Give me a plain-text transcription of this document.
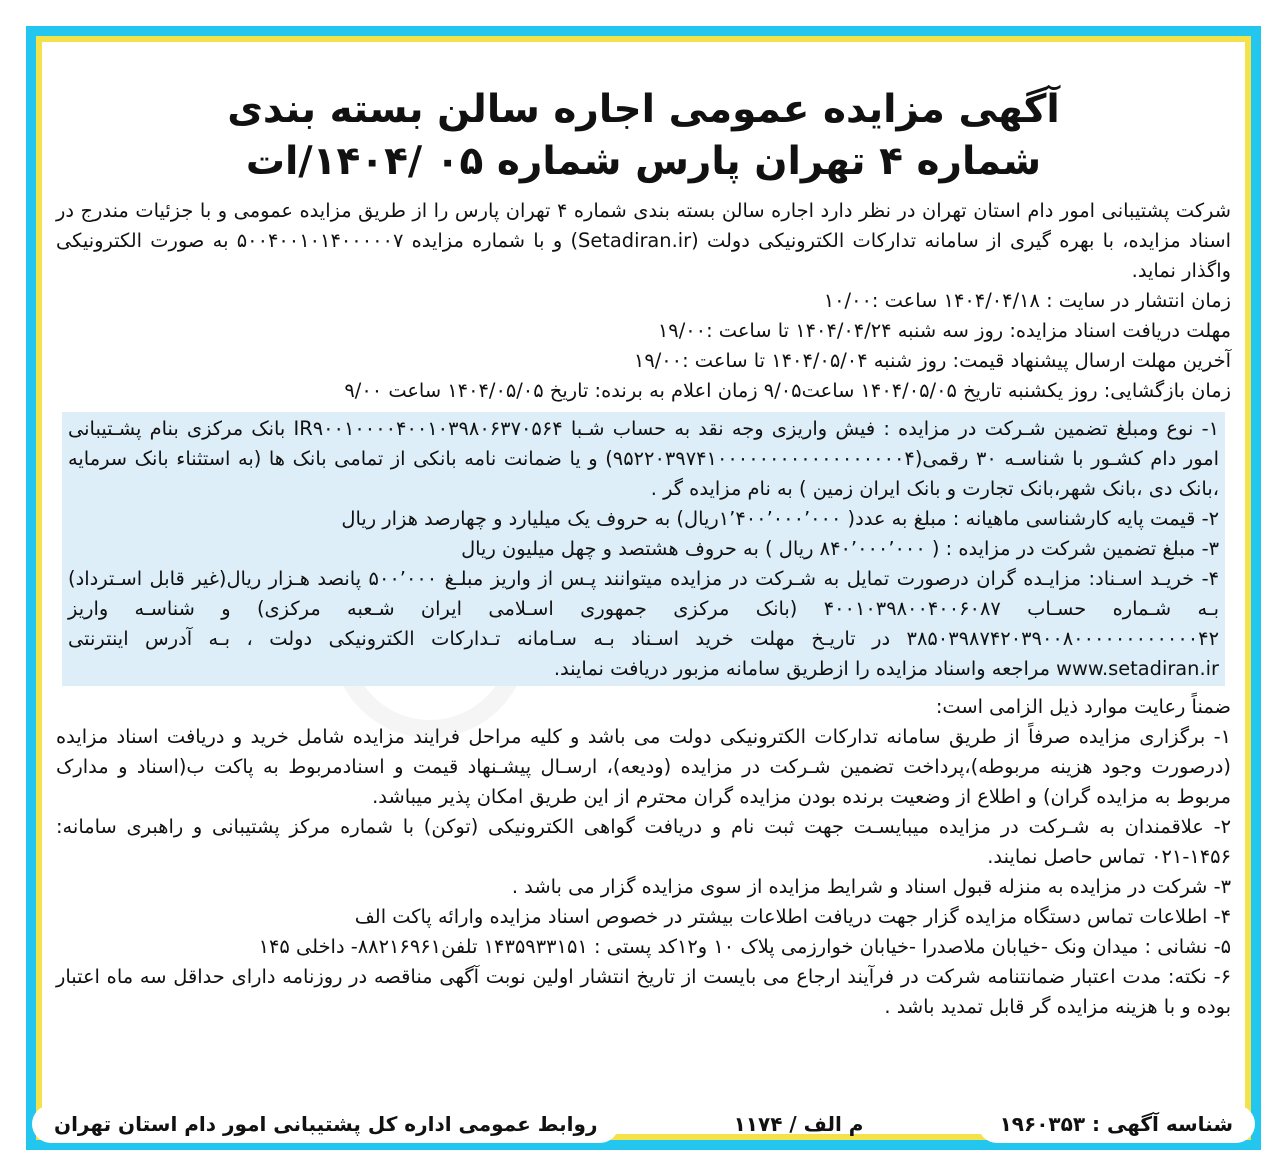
آگهی مزایده عمومی اجاره سالن بسته بندی
شماره ۴ تهران پارس شماره ۰۵ /۱۴۰۴/ات

شرکت پشتیبانی امور دام استان تهران در نظر دارد اجاره سالن بسته بندی شماره ۴ تهران پارس را از طریق مزایده عمومی و با جزئیات مندرج در اسناد مزایده، با بهره گیری از سامانه تدارکات الکترونیکی دولت (Setadiran.ir) و با شماره مزایده ۵۰۰۴۰۰۱۰۱۴۰۰۰۰۰۷ به صورت الکترونیکی واگذار نماید.

زمان انتشار در سایت : ۱۴۰۴/۰۴/۱۸ ساعت :۱۰/۰۰

مهلت دریافت اسناد مزایده: روز سه شنبه ۱۴۰۴/۰۴/۲۴ تا ساعت :۱۹/۰۰

آخرین مهلت ارسال پیشنهاد قیمت: روز شنبه ۱۴۰۴/۰۵/۰۴ تا ساعت :۱۹/۰۰

زمان بازگشایی: روز یکشنبه تاریخ ۱۴۰۴/۰۵/۰۵ ساعت۹/۰۵ زمان اعلام به برنده: تاریخ ۱۴۰۴/۰۵/۰۵ ساعت ۹/۰۰

۱- نوع ومبلغ تضمین شـرکت در مزایده : فیش واریزی وجه نقد به حساب شـبا IR۹۰۰۱۰۰۰۰۴۰۰۱۰۳۹۸۰۶۳۷۰۵۶۴ بانک مرکزی بنام پشـتیبانی امور دام کشـور با شناسـه ۳۰ رقمی(۹۵۲۲۰۳۹۷۴۱۰۰۰۰۰۰۰۰۰۰۰۰۰۰۰۰۰۰۴) و یا ضمانت نامه بانکی از تمامی بانک ها (به استثناء بانک سرمایه ،بانک دی ،بانک شهر،بانک تجارت و بانک ایران زمین ) به نام مزایده گر .

۲- قیمت پایه کارشناسی ماهیانه : مبلغ به عدد( ۱٬۴۰۰٬۰۰۰٬۰۰۰ریال) به حروف یک میلیارد و چهارصد هزار ریال

۳- مبلغ تضمین شرکت در مزایده : ( ۸۴۰٬۰۰۰٬۰۰۰ ریال ) به حروف هشتصد و چهل میلیون ریال

۴- خریـد اسـناد: مزایـده گران درصورت تمایل به شـرکت در مزایده میتوانند پـس از واریز مبلـغ ۵۰۰٬۰۰۰ پانصد هـزار ریال(غیر قابل اسـترداد) بـه شـماره حسـاب ۴۰۰۱۰۳۹۸۰۰۴۰۰۶۰۸۷ (بانک مرکزی جمهوری اسـلامی ایران شـعبه مرکزی) و شناسـه واریز ۳۸۵۰۳۹۸۷۴۲۰۳۹۰۰۸۰۰۰۰۰۰۰۰۰۰۰۰۴۲ در تاریـخ مهلت خرید اسـناد بـه سـامانه تـدارکات الکترونیکی دولت ، بـه آدرس اینترنتی www.setadiran.ir مراجعه واسناد مزایده را ازطریق سامانه مزبور دریافت نمایند.

ضمناً رعایت موارد ذیل الزامی است:

۱- برگزاری مزایده صرفاً از طریق سامانه تدارکات الکترونیکی دولت می باشد و کلیه مراحل فرایند مزایده شامل خرید و دریافت اسناد مزایده (درصورت وجود هزینه مربوطه)،پرداخت تضمین شـرکت در مزایده (ودیعه)، ارسـال پیشـنهاد قیمت و اسنادمربوط به پاکت ب(اسناد و مدارک مربوط به مزایده گران) و اطلاع از وضعیت برنده بودن مزایده گران محترم از این طریق امکان پذیر میباشد.

۲- علاقمندان به شـرکت در مزایده میبایسـت جهت ثبت نام و دریافت گواهی الکترونیکی (توکن) با شماره مرکز پشتیبانی و راهبری سامانه: ۱۴۵۶-۰۲۱ تماس حاصل نمایند.

۳- شرکت در مزایده به منزله قبول اسناد و شرایط مزایده از سوی مزایده گزار می باشد .

۴- اطلاعات تماس دستگاه مزایده گزار جهت دریافت اطلاعات بیشتر در خصوص اسناد مزایده وارائه پاکت الف

۵- نشانی : میدان ونک -خیابان ملاصدرا -خیابان خوارزمی پلاک ۱۰ و۱۲کد پستی : ۱۴۳۵۹۳۳۱۵۱ تلفن۸۸۲۱۶۹۶۱- داخلی ۱۴۵

۶- نکته: مدت اعتبار ضمانتنامه شرکت در فرآیند ارجاع می بایست از تاریخ انتشار اولین نوبت آگهی مناقصه در روزنامه دارای حداقل سه ماه اعتبار بوده و با هزینه مزایده گر قابل تمدید باشد .

شناسه آگهی : ۱۹۶۰۳۵۳
م الف / ۱۱۷۴
روابط عمومی اداره کل پشتیبانی امور دام استان تهران
